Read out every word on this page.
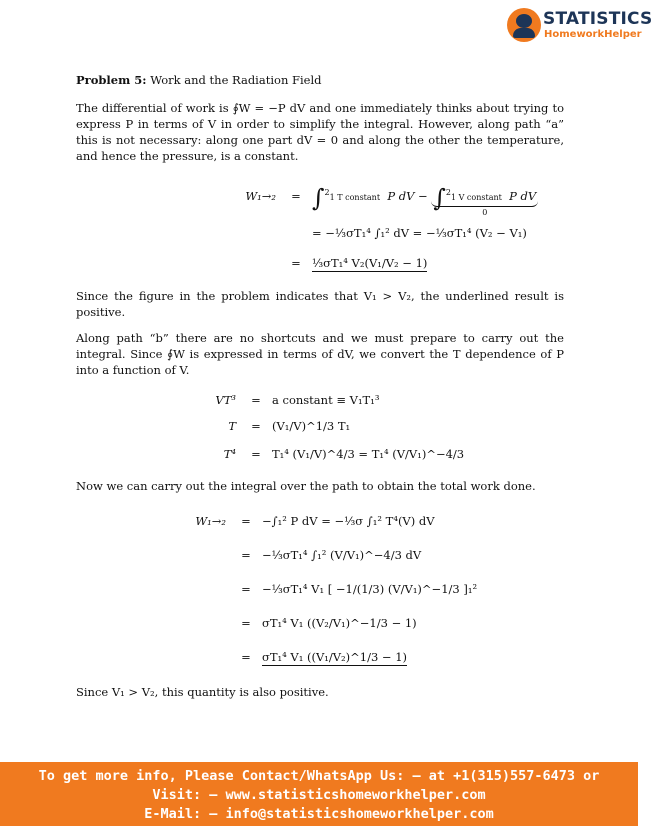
STATISTICS
HomeworkHelper
Problem 5: Work and the Radiation Field

The differential of work is ∮W = −P dV and one immediately thinks about trying to express P in terms of V in order to simplify the integral. However, along path “a” this is not necessary: along one part dV = 0 and along the other the temperature, and hence the pressure, is a constant.

W₁→₂	= ∫$^2$1 T constant P dV − ∫$^2$1 V constant P dV
0
= −⅓σT₁⁴ ∫₁² dV = −⅓σT₁⁴ (V₂ − V₁)
= ⅓σT₁⁴ V₂(V₁/V₂ − 1)

Since the figure in the problem indicates that V₁ > V₂, the underlined result is positive.

Along path “b” there are no shortcuts and we must prepare to carry out the integral. Since ∮W is expressed in terms of dV, we convert the T dependence of P into a function of V.

VT³	= a constant ≡ V₁T₁³
T	= (V₁/V)^1/3 T₁
T⁴	= T₁⁴ (V₁/V)^4/3 = T₁⁴ (V/V₁)^−4/3

Now we can carry out the integral over the path to obtain the total work done.

W₁→₂	= −∫₁² P dV = −⅓σ ∫₁² T⁴(V) dV
= −⅓σT₁⁴ ∫₁² (V/V₁)^−4/3 dV
= −⅓σT₁⁴ V₁ [ −1/(1/3) (V/V₁)^−1/3 ]₁²
= σT₁⁴ V₁ ((V₂/V₁)^−1/3 − 1)
= σT₁⁴ V₁ ((V₁/V₂)^1/3 − 1)

Since V₁ > V₂, this quantity is also positive.

To get more info, Please Contact/WhatsApp Us: – at +1(315)557-6473 or
Visit: – www.statisticshomeworkhelper.com
E-Mail: – info@statisticshomeworkhelper.com
